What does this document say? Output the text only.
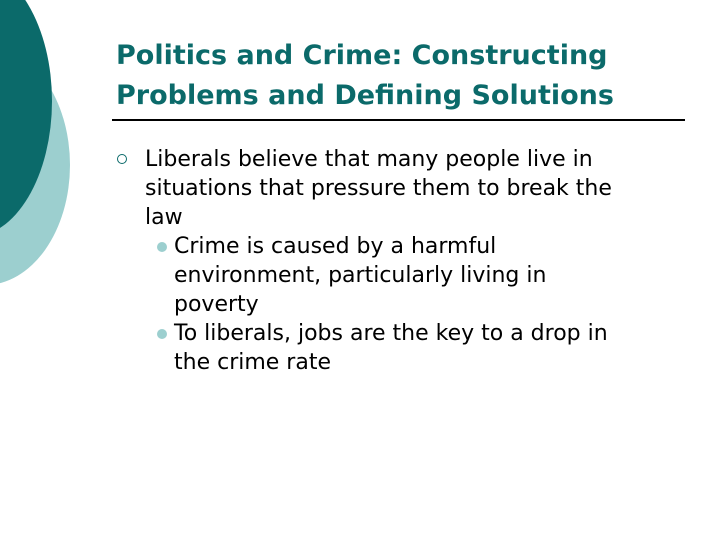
Politics and Crime: Constructing
Problems and Defining Solutions
Liberals believe that many people live in
situations that pressure them to break the
law
Crime is caused by a harmful
environment, particularly living in
poverty
To liberals, jobs are the key to a drop in
the crime rate
